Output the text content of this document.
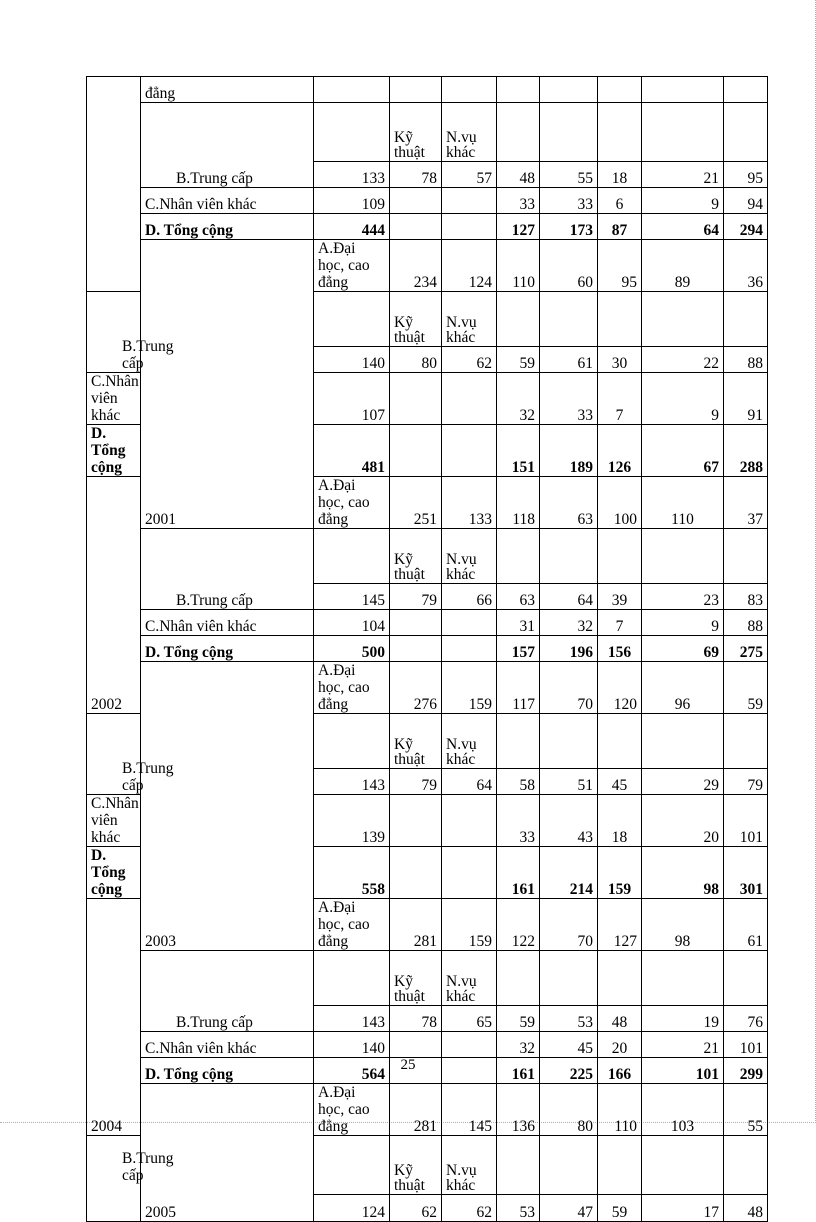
	đẳng									
	B.Trung cấp		Kỹ thuật	N.vụ khác						
		133	78	57	48	55	18	21	95	
	C.Nhân viên khác	109			33	33	6	9	94	
	D. Tổng cộng	444			127	173	87	64	294	
	2001	A.Đại học, cao đẳng	234	124	110	60	95	89	36	
B.Trung cấp			Kỹ thuật	N.vụ khác						
		140	80	62	59	61	30	22	88	
C.Nhân viên khác		107			32	33	7	9	91	
D. Tổng cộng		481			151	189	126	67	288	
2002		A.Đại học, cao đẳng	251	133	118	63	100	110	37	
	B.Trung cấp		Kỹ thuật	N.vụ khác						
		145	79	66	63	64	39	23	83	
	C.Nhân viên khác	104			31	32	7	9	88	
	D. Tổng cộng	500			157	196	156	69	275	
	2003	A.Đại học, cao đẳng	276	159	117	70	120	96	59	
B.Trung cấp			Kỹ thuật	N.vụ khác						
		143	79	64	58	51	45	29	79	
C.Nhân viên khác		139			33	43	18	20	101	
D. Tổng cộng		558			161	214	159	98	301	
2004		A.Đại học, cao đẳng	281	159	122	70	127	98	61	
	B.Trung cấp		Kỹ thuật	N.vụ khác						
		143	78	65	59	53	48	19	76	
	C.Nhân viên khác	140			32	45	20	21	101	
	D. Tổng cộng	564			161	225	166	101	299	
	2005	A.Đại học, cao đẳng	281	145	136	80	110	103	55	
B.Trung cấp			Kỹ thuật	N.vụ khác						
		124	62	62	53	47	59	17	48	
25
